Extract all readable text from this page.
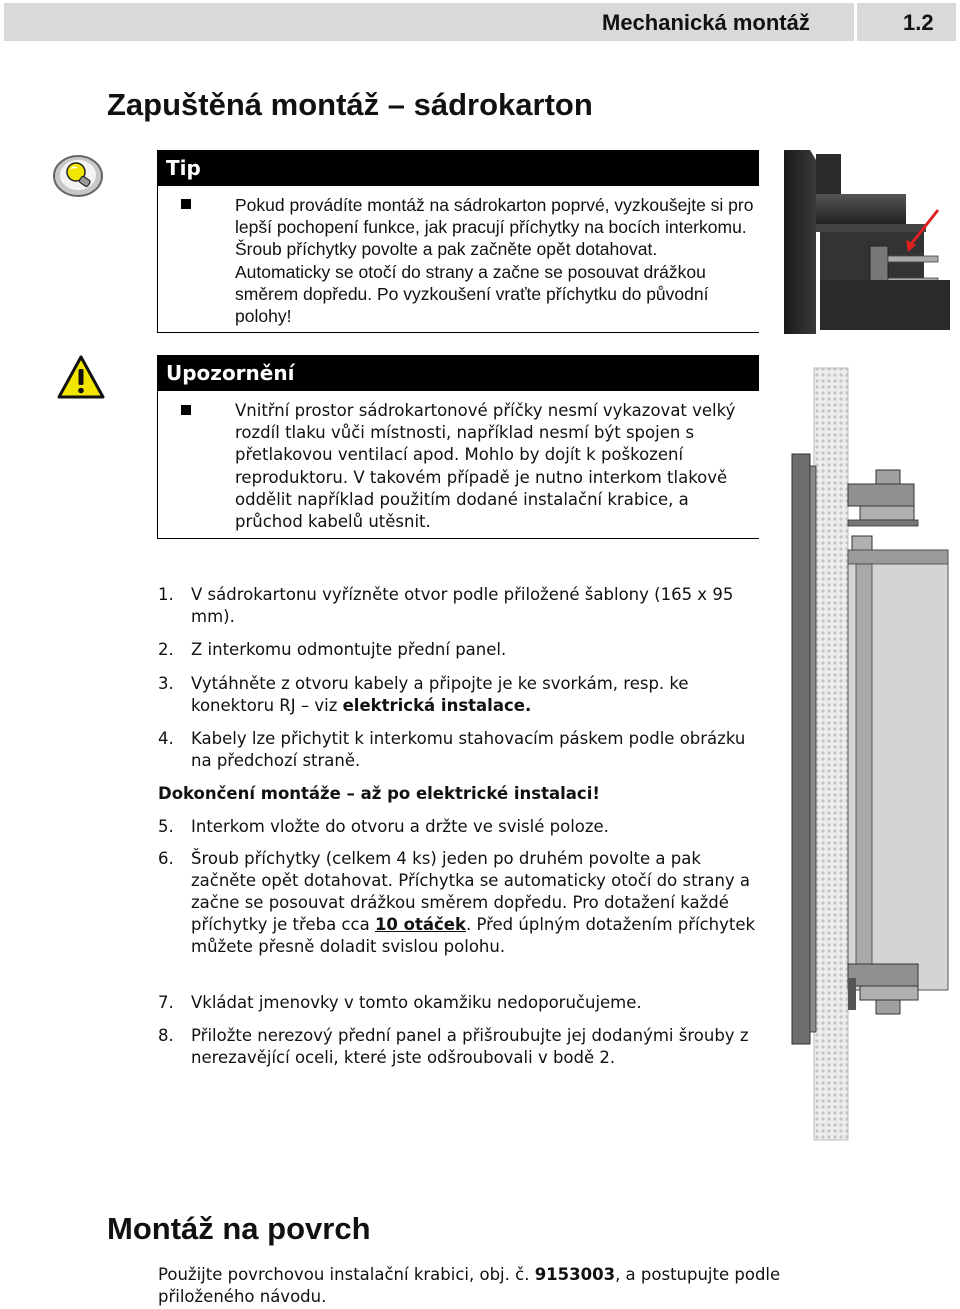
Mechanická montáž	1.2
Zapuštěná montáž – sádrokarton
Tip
Pokud provádíte montáž na sádrokarton poprvé, vyzkoušejte si pro lepší pochopení funkce, jak pracují příchytky na bocích interkomu. Šroub příchytky povolte a pak začněte opět dotahovat. Automaticky se otočí do strany a začne se posouvat drážkou směrem dopředu. Po vyzkoušení vraťte příchytku do původní polohy!
Upozornění
Vnitřní prostor sádrokartonové příčky nesmí vykazovat velký rozdíl tlaku vůči místnosti, například nesmí být spojen s přetlakovou ventilací apod. Mohlo by dojít k poškození reproduktoru. V takovém případě je nutno interkom tlakově oddělit například použitím dodané instalační krabice, a průchod kabelů utěsnit.
1. V sádrokartonu vyřízněte otvor podle přiložené šablony (165 x 95 mm).
2. Z interkomu odmontujte přední panel.
3. Vytáhněte z otvoru kabely a připojte je ke svorkám, resp. ke konektoru RJ – viz elektrická instalace.
4. Kabely lze přichytit k interkomu stahovacím páskem podle obrázku na předchozí straně.
Dokončení montáže – až po elektrické instalaci!
5. Interkom vložte do otvoru a držte ve svislé poloze.
6. Šroub příchytky (celkem 4 ks) jeden po druhém povolte a pak začněte opět dotahovat. Příchytka se automaticky otočí do strany a začne se posouvat drážkou směrem dopředu. Pro dotažení každé příchytky je třeba cca 10 otáček. Před úplným dotažením příchytek můžete přesně doladit svislou polohu.
7. Vkládat jmenovky v tomto okamžiku nedoporučujeme.
8. Přiložte nerezový přední panel a přišroubujte jej dodanými šrouby z nerezavějící oceli, které jste odšroubovali v bodě 2.
Montáž na povrch
Použijte povrchovou instalační krabici, obj. č. 9153003, a postupujte podle přiloženého návodu.
